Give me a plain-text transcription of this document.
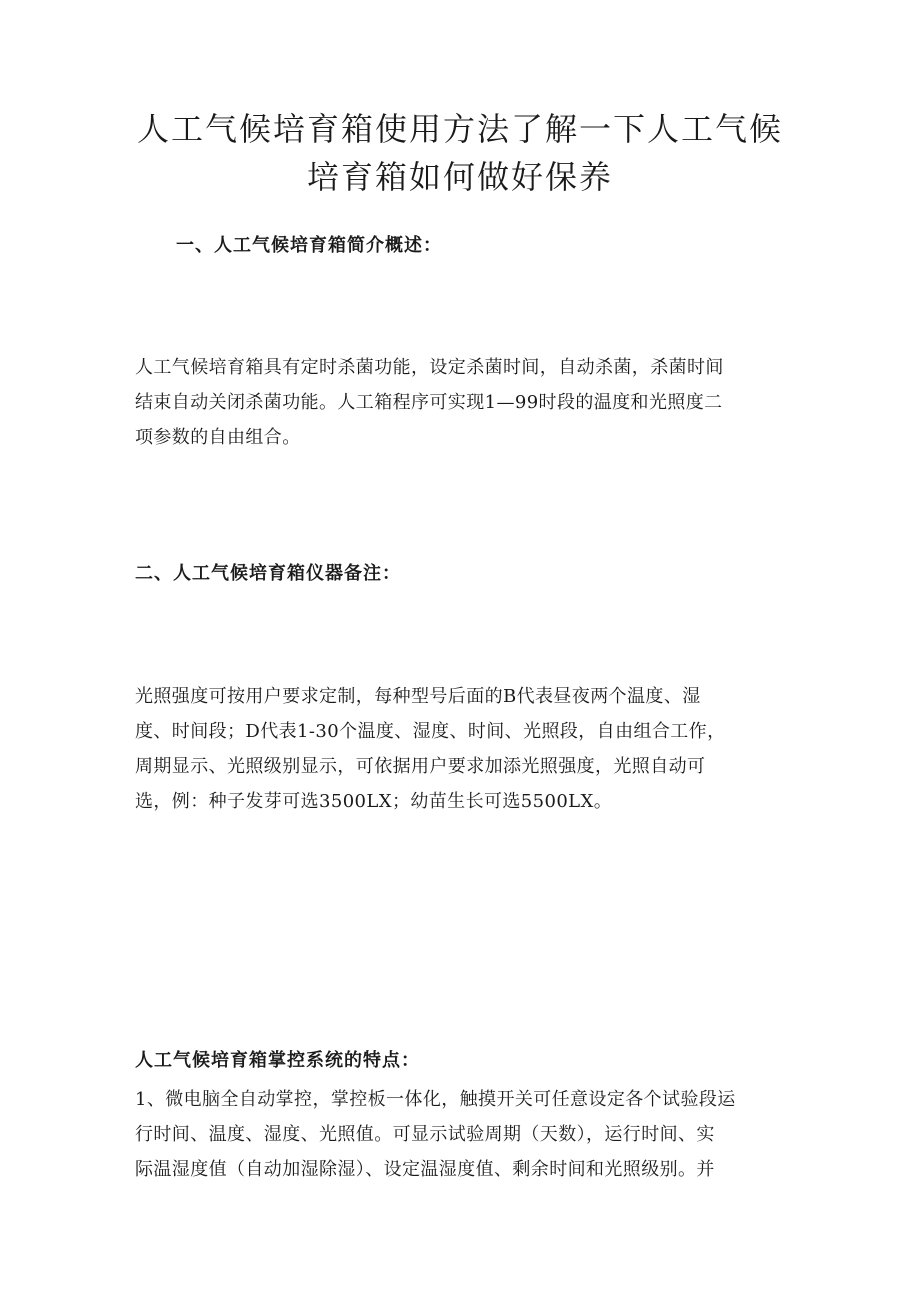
人工气候培育箱使用方法了解一下人工气候
培育箱如何做好保养
一、人工气候培育箱简介概述：

人工气候培育箱具有定时杀菌功能，设定杀菌时间，自动杀菌，杀菌时间
结束自动关闭杀菌功能。人工箱程序可实现1—99时段的温度和光照度二
项参数的自由组合。

二、人工气候培育箱仪器备注：

光照强度可按用户要求定制，每种型号后面的B代表昼夜两个温度、湿
度、时间段；D代表1-30个温度、湿度、时间、光照段，自由组合工作，
周期显示、光照级别显示，可依据用户要求加添光照强度，光照自动可
选，例：种子发芽可选3500LX；幼苗生长可选5500LX。

人工气候培育箱掌控系统的特点：

1、微电脑全自动掌控，掌控板一体化，触摸开关可任意设定各个试验段运
行时间、温度、湿度、光照值。可显示试验周期（天数），运行时间、实
际温湿度值（自动加湿除湿）、设定温湿度值、剩余时间和光照级别。并
